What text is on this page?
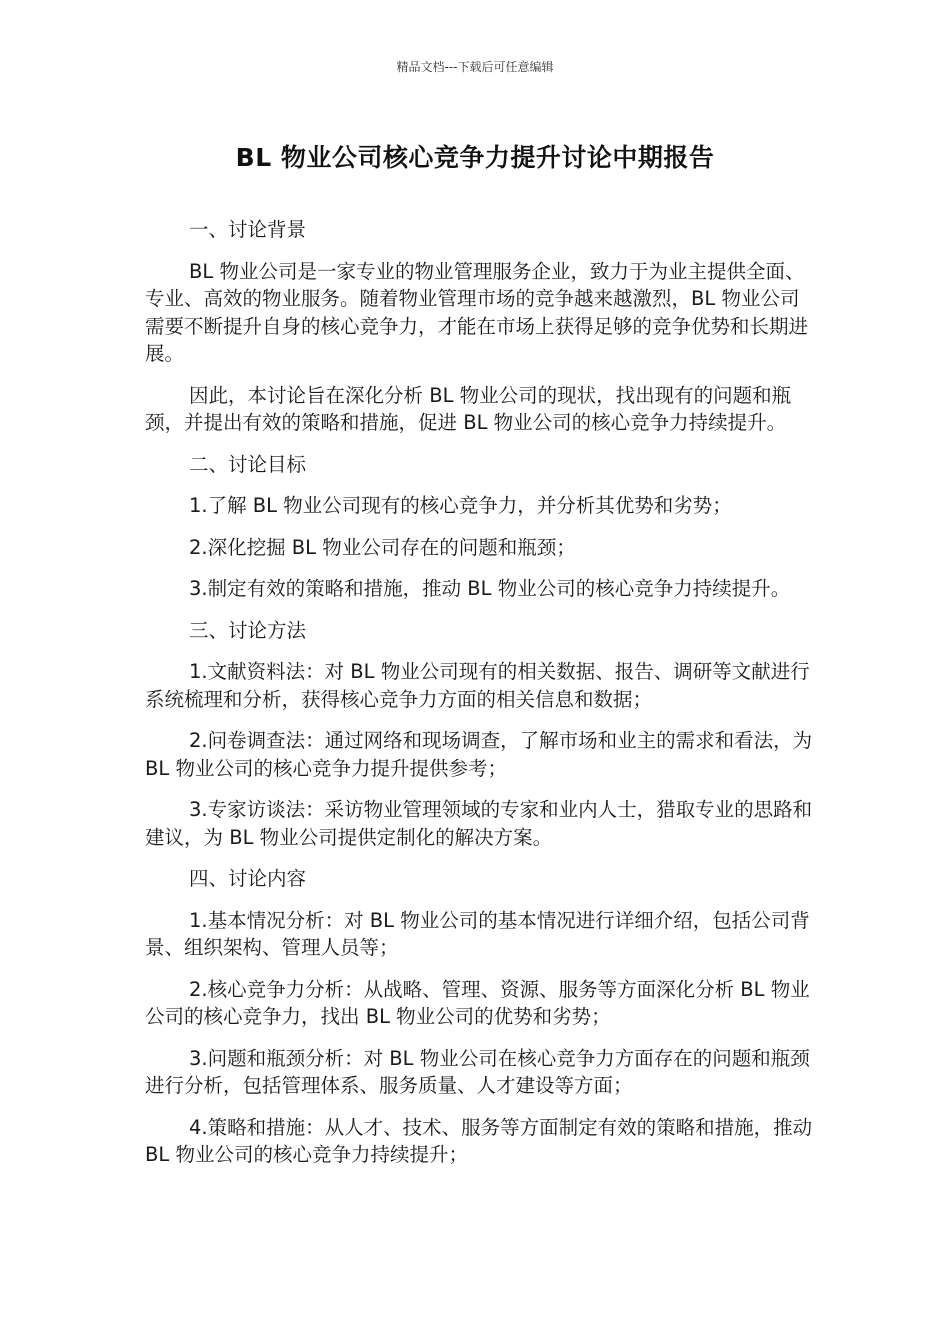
精品文档---下载后可任意编辑
BL 物业公司核心竞争力提升讨论中期报告

一、讨论背景

BL 物业公司是一家专业的物业管理服务企业，致力于为业主提供全面、专业、高效的物业服务。随着物业管理市场的竞争越来越激烈，BL 物业公司需要不断提升自身的核心竞争力，才能在市场上获得足够的竞争优势和长期进展。

因此，本讨论旨在深化分析 BL 物业公司的现状，找出现有的问题和瓶颈，并提出有效的策略和措施，促进 BL 物业公司的核心竞争力持续提升。

二、讨论目标

1.了解 BL 物业公司现有的核心竞争力，并分析其优势和劣势；

2.深化挖掘 BL 物业公司存在的问题和瓶颈；

3.制定有效的策略和措施，推动 BL 物业公司的核心竞争力持续提升。

三、讨论方法

1.文献资料法：对 BL 物业公司现有的相关数据、报告、调研等文献进行系统梳理和分析，获得核心竞争力方面的相关信息和数据；

2.问卷调查法：通过网络和现场调查，了解市场和业主的需求和看法，为 BL 物业公司的核心竞争力提升提供参考；

3.专家访谈法：采访物业管理领域的专家和业内人士，猎取专业的思路和建议，为 BL 物业公司提供定制化的解决方案。

四、讨论内容

1.基本情况分析：对 BL 物业公司的基本情况进行详细介绍，包括公司背景、组织架构、管理人员等；

2.核心竞争力分析：从战略、管理、资源、服务等方面深化分析 BL 物业公司的核心竞争力，找出 BL 物业公司的优势和劣势；

3.问题和瓶颈分析：对 BL 物业公司在核心竞争力方面存在的问题和瓶颈进行分析，包括管理体系、服务质量、人才建设等方面；

4.策略和措施：从人才、技术、服务等方面制定有效的策略和措施，推动 BL 物业公司的核心竞争力持续提升；
